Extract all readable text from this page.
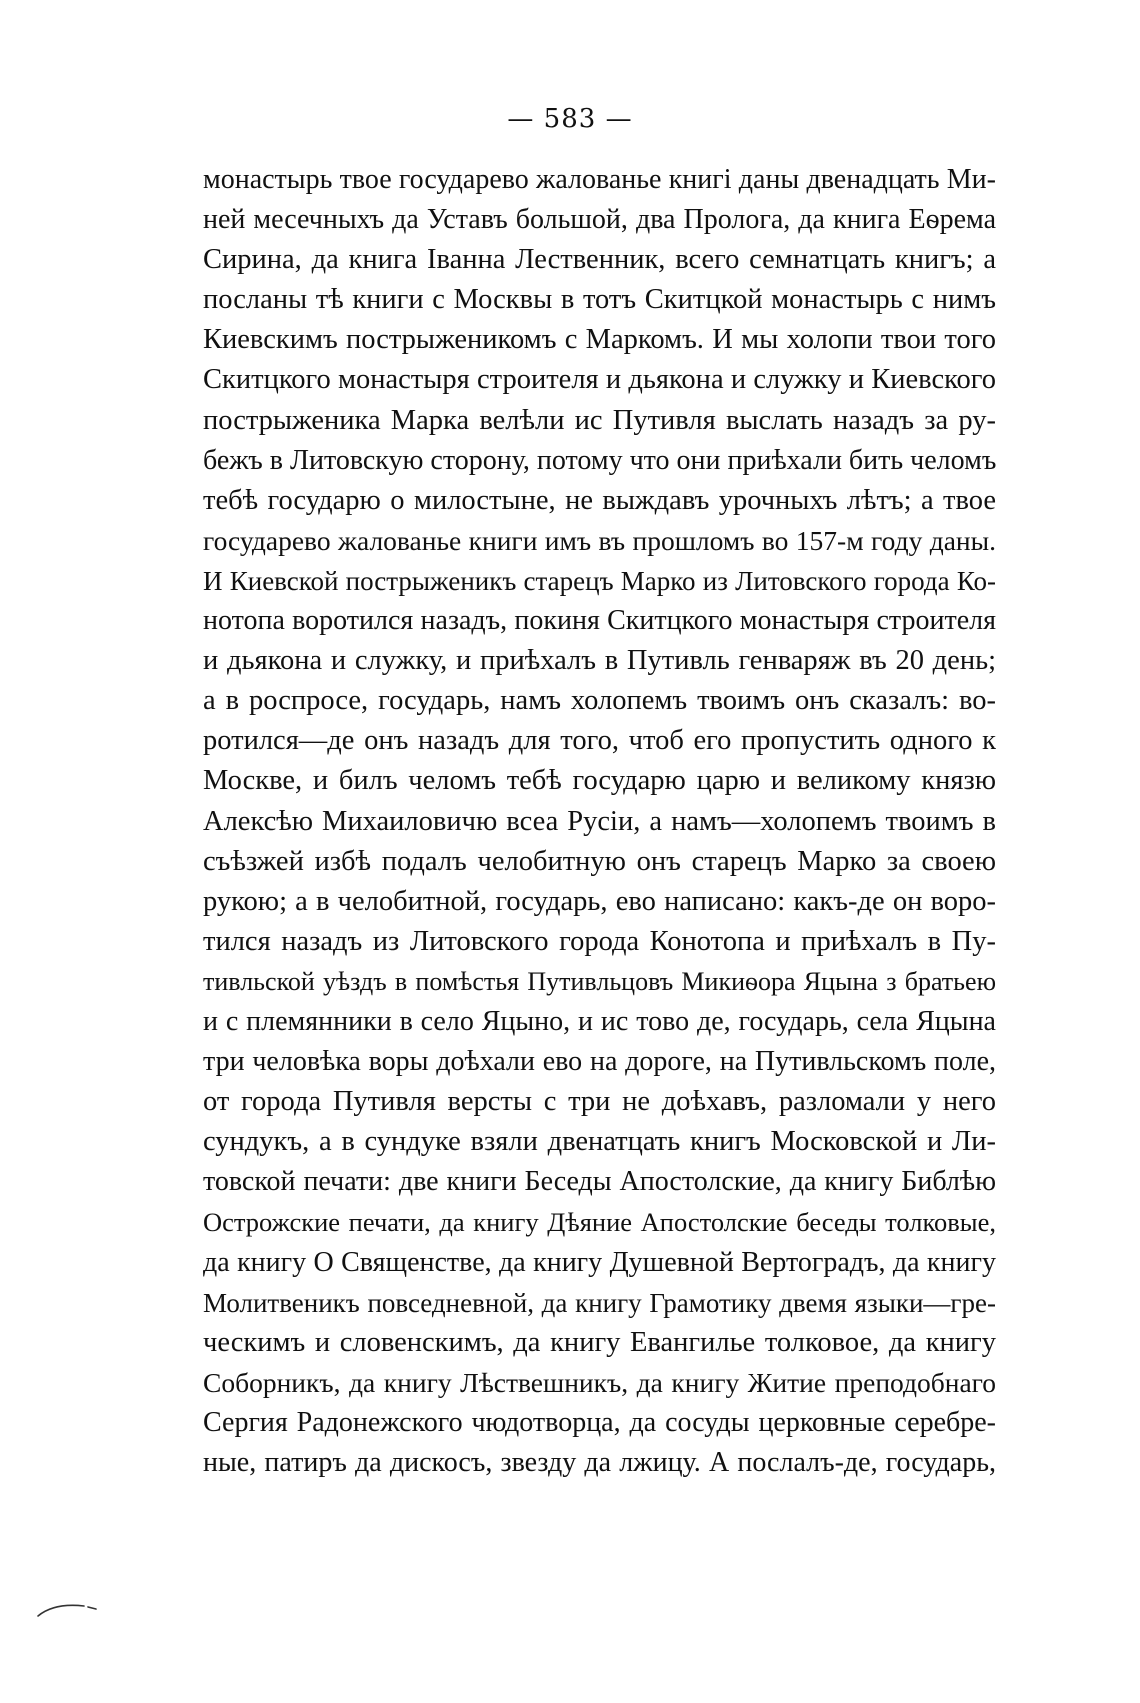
— 583 —
монастырь твое государево жалованье книгі даны двенадцать Ми-
ней месечныхъ да Уставъ большой, два Пролога, да книга Еѳрема
Сирина, да книга Іванна Лественник, всего семнатцать книгъ; а
посланы тѣ книги с Москвы в тотъ Скитцкой монастырь с нимъ
Киевскимъ пострыженикомъ с Маркомъ. И мы холопи твои того
Скитцкого монастыря строителя и дьякона и служку и Киевского
пострыженика Марка велѣли ис Путивля выслать назадъ за ру-
бежъ в Литовскую сторону, потому что они приѣхали бить челомъ
тебѣ государю о милостыне, не выждавъ урочныхъ лѣтъ; а твое
государево жалованье книги имъ въ прошломъ во 157-м году даны.
И Киевской пострыженикъ старецъ Марко из Литовского города Ко-
нотопа воротился назадъ, покиня Скитцкого монастыря строителя
и дьякона и служку, и приѣхалъ в Путивль генваряж въ 20 день;
а в роспросе, государь, намъ холопемъ твоимъ онъ сказалъ: во-
ротился—де онъ назадъ для того, чтоб его пропустить одного к
Москве, и билъ челомъ тебѣ государю царю и великому князю
Алексѣю Михаиловичю всеа Русіи, а намъ—холопемъ твоимъ в
съѣзжей избѣ подалъ челобитную онъ старецъ Марко за своею
рукою; а в челобитной, государь, ево написано: какъ-де он воро-
тился назадъ из Литовского города Конотопа и приѣхалъ в Пу-
тивльской уѣздъ в помѣстья Путивльцовъ Микиѳора Яцына з братьею
и с племянники в село Яцыно, и ис тово де, государь, села Яцына
три человѣка воры доѣхали ево на дороге, на Путивльскомъ поле,
от города Путивля версты с три не доѣхавъ, разломали у него
сундукъ, а в сундуке взяли двенатцать книгъ Московской и Ли-
товской печати: две книги Беседы Апостолские, да книгу Библѣю
Острожские печати, да книгу Дѣяние Апостолские беседы толковые,
да книгу О Священстве, да книгу Душевной Вертоградъ, да книгу
Молитвеникъ повседневной, да книгу Грамотику двемя языки—гре-
ческимъ и словенскимъ, да книгу Евангилье толковое, да книгу
Соборникъ, да книгу Лѣствешникъ, да книгу Житие преподобнаго
Сергия Радонежского чюдотворца, да сосуды церковные серебре-
ные, патиръ да дискосъ, звезду да лжицу. А послалъ-де, государь,
